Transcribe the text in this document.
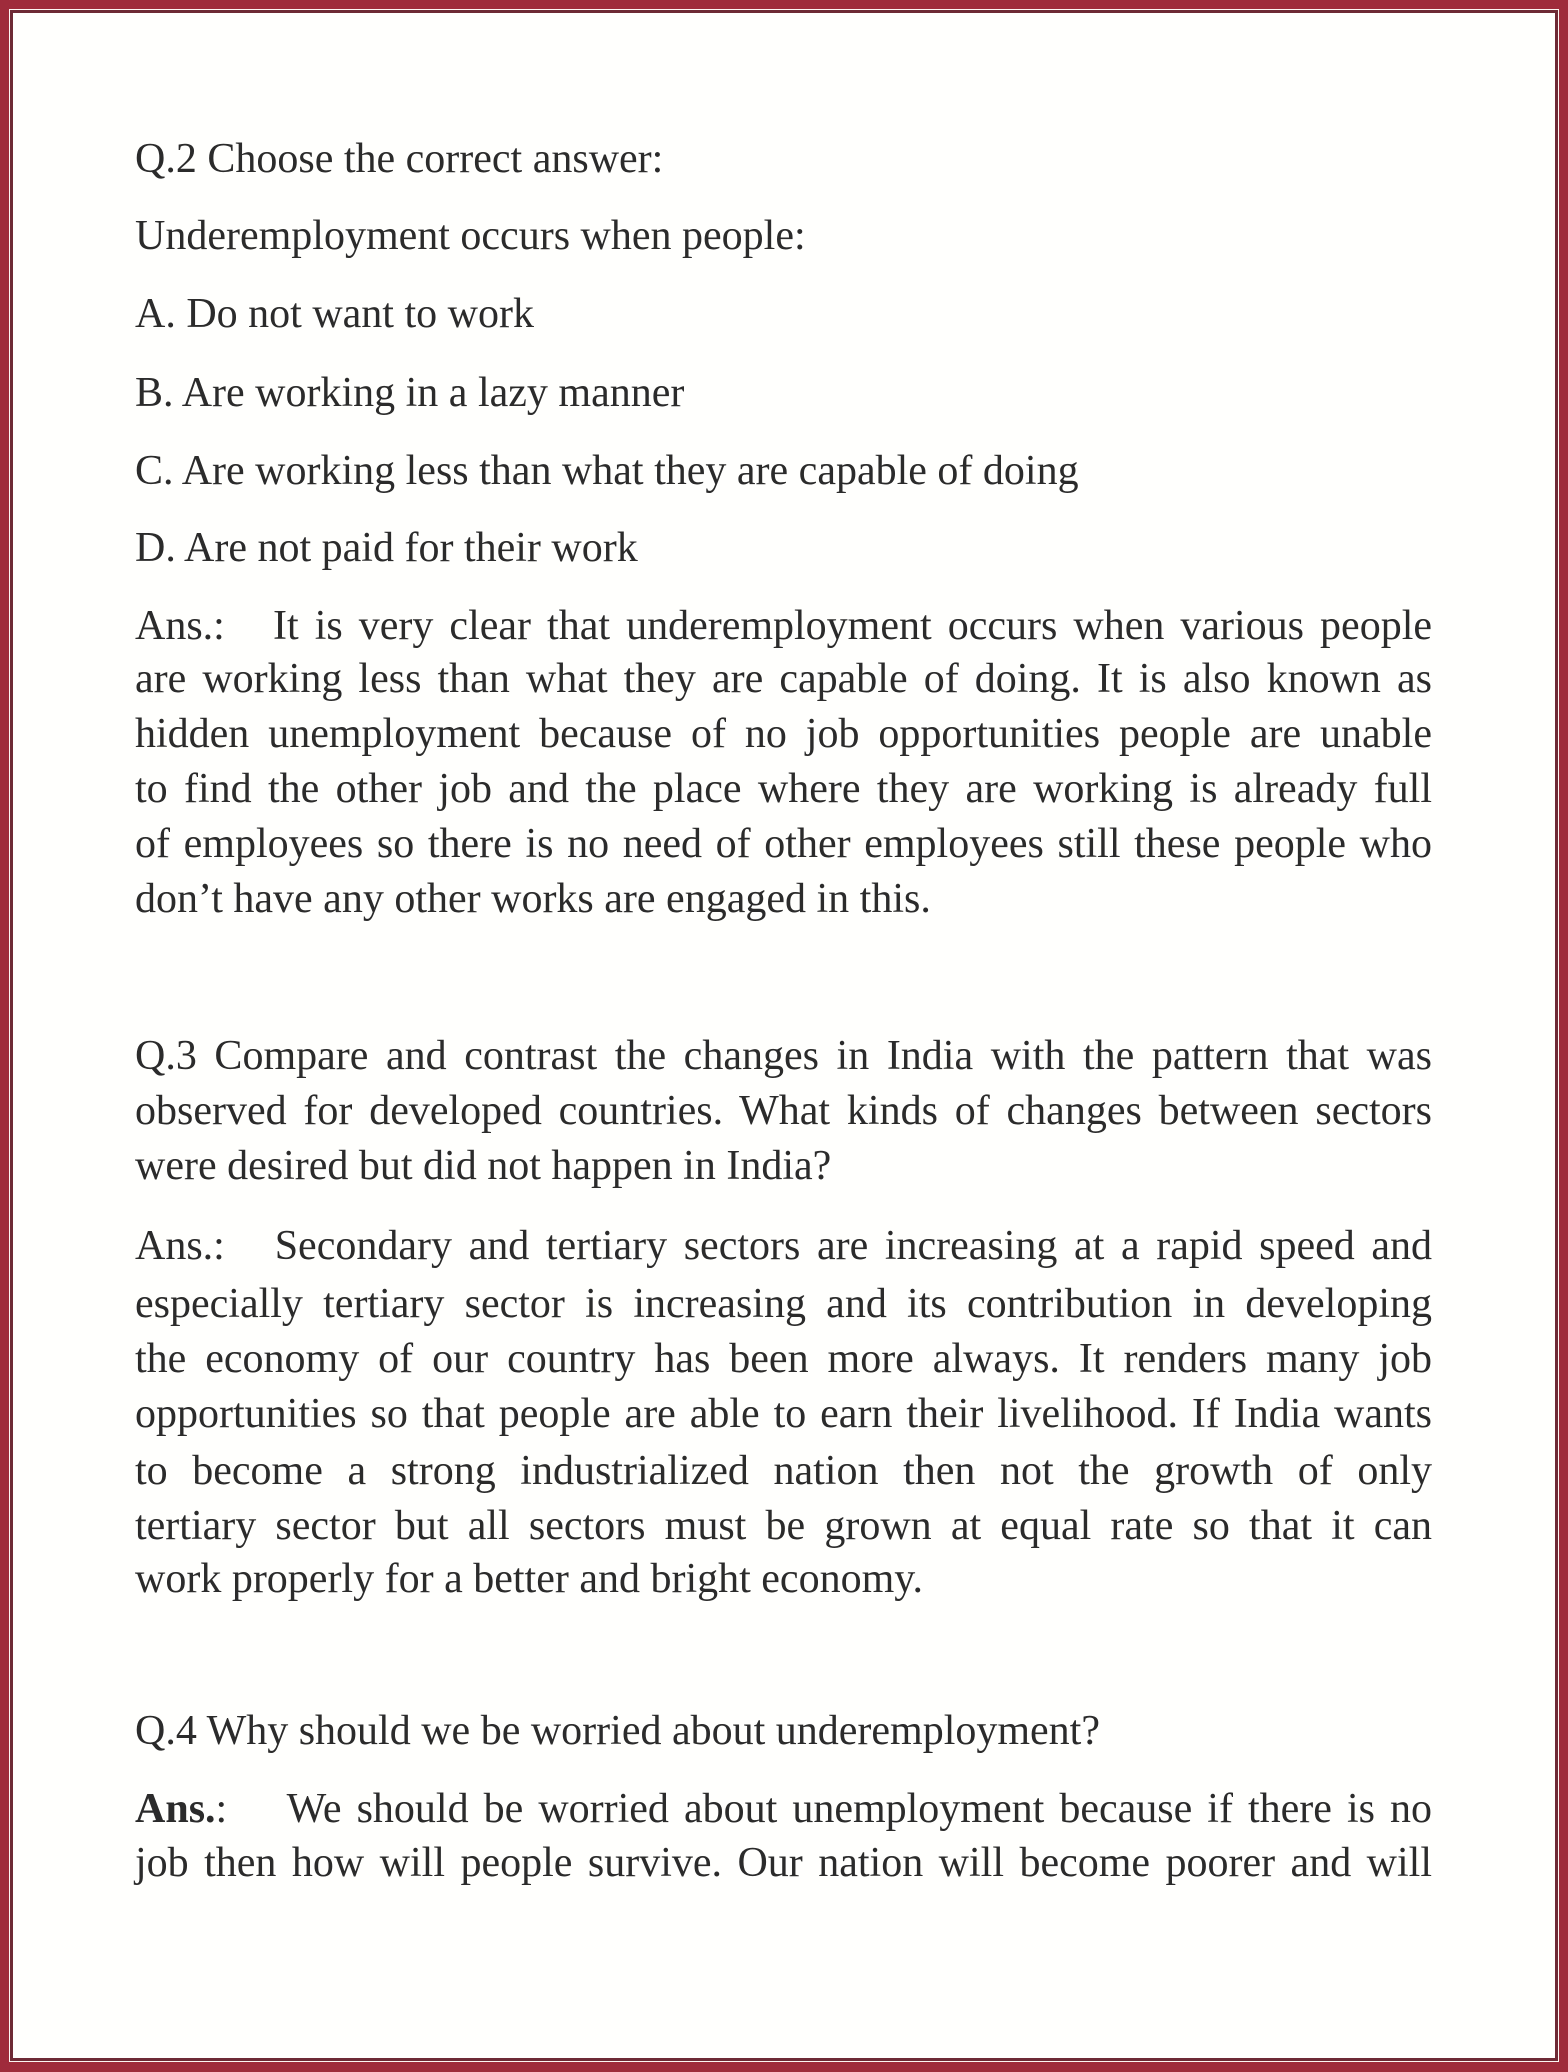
Q.2 Choose the correct answer:
Underemployment occurs when people:
A. Do not want to work
B. Are working in a lazy manner
C. Are working less than what they are capable of doing
D. Are not paid for their work
Ans.: It is very clear that underemployment occurs when various people
are working less than what they are capable of doing. It is also known as
hidden unemployment because of no job opportunities people are unable
to find the other job and the place where they are working is already full
of employees so there is no need of other employees still these people who
don’t have any other works are engaged in this.
Q.3 Compare and contrast the changes in India with the pattern that was
observed for developed countries. What kinds of changes between sectors
were desired but did not happen in India?
Ans.: Secondary and tertiary sectors are increasing at a rapid speed and
especially tertiary sector is increasing and its contribution in developing
the economy of our country has been more always. It renders many job
opportunities so that people are able to earn their livelihood. If India wants
to become a strong industrialized nation then not the growth of only
tertiary sector but all sectors must be grown at equal rate so that it can
work properly for a better and bright economy.
Q.4 Why should we be worried about underemployment?
Ans.: We should be worried about unemployment because if there is no
job then how will people survive. Our nation will become poorer and will
